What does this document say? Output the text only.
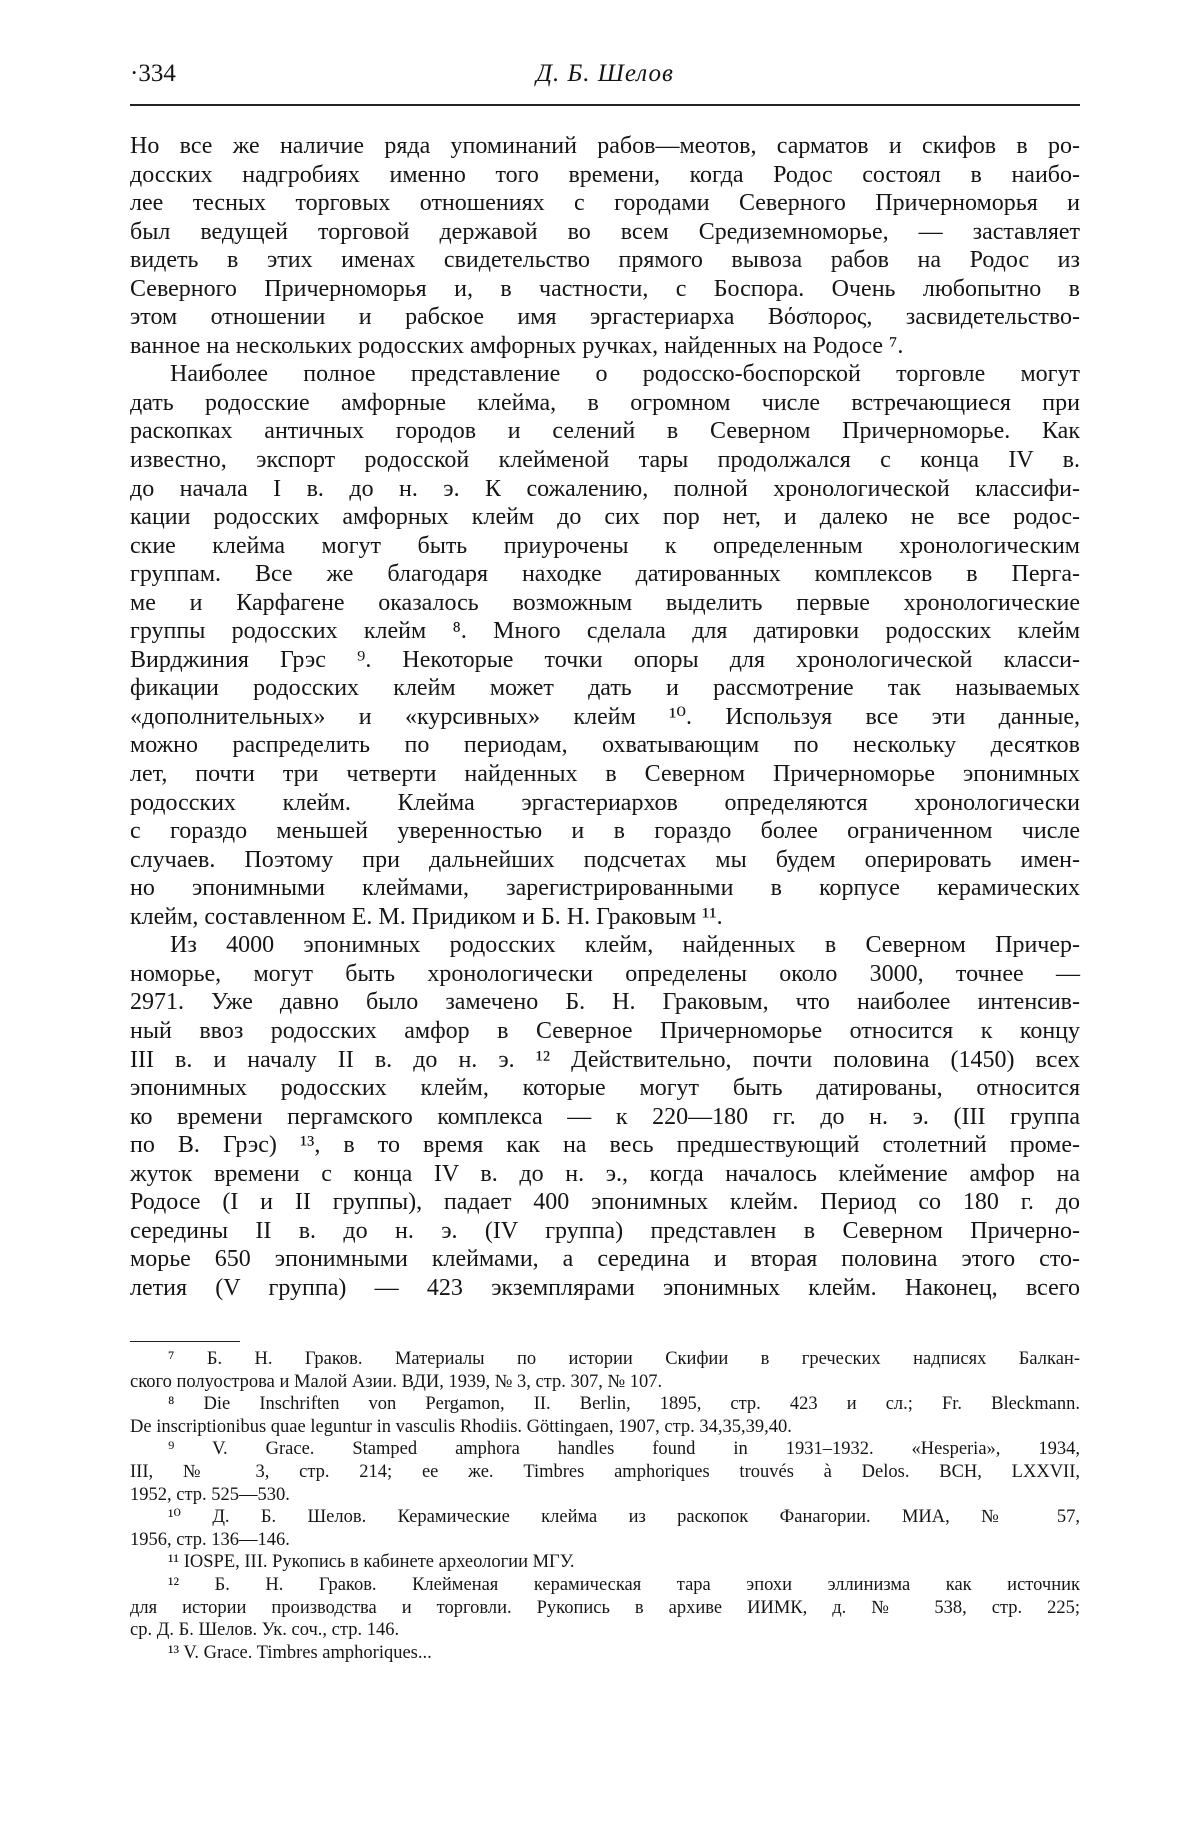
·334	Д. Б. Шелов
Но все же наличие ряда упоминаний рабов—меотов, сарматов и скифов в ро-
досских надгробиях именно того времени, когда Родос состоял в наибо-
лее тесных торговых отношениях с городами Северного Причерноморья и
был ведущей торговой державой во всем Средиземноморье, — заставляет
видеть в этих именах свидетельство прямого вывоза рабов на Родос из
Северного Причерноморья и, в частности, с Боспора. Очень любопытно в
этом отношении и рабское имя эргастериарха Βόσπορος, засвидетельство-
ванное на нескольких родосских амфорных ручках, найденных на Родосе ⁷.
Наиболее полное представление о родосско-боспорской торговле могут
дать родосские амфорные клейма, в огромном числе встречающиеся при
раскопках античных городов и селений в Северном Причерноморье. Как
известно, экспорт родосской клейменой тары продолжался с конца IV в.
до начала I в. до н. э. К сожалению, полной хронологической классифи-
кации родосских амфорных клейм до сих пор нет, и далеко не все родос-
ские клейма могут быть приурочены к определенным хронологическим
группам. Все же благодаря находке датированных комплексов в Перга-
ме и Карфагене оказалось возможным выделить первые хронологические
группы родосских клейм ⁸. Много сделала для датировки родосских клейм
Вирджиния Грэс ⁹. Некоторые точки опоры для хронологической класси-
фикации родосских клейм может дать и рассмотрение так называемых
«дополнительных» и «курсивных» клейм ¹⁰. Используя все эти данные,
можно распределить по периодам, охватывающим по нескольку десятков
лет, почти три четверти найденных в Северном Причерноморье эпонимных
родосских клейм. Клейма эргастериархов определяются хронологически
с гораздо меньшей уверенностью и в гораздо более ограниченном числе
случаев. Поэтому при дальнейших подсчетах мы будем оперировать имен-
но эпонимными клеймами, зарегистрированными в корпусе керамических
клейм, составленном Е. М. Придиком и Б. Н. Граковым ¹¹.
Из 4000 эпонимных родосских клейм, найденных в Северном Причер-
номорье, могут быть хронологически определены около 3000, точнее —
2971. Уже давно было замечено Б. Н. Граковым, что наиболее интенсив-
ный ввоз родосских амфор в Северное Причерноморье относится к концу
III в. и началу II в. до н. э. ¹² Действительно, почти половина (1450) всех
эпонимных родосских клейм, которые могут быть датированы, относится
ко времени пергамского комплекса — к 220—180 гг. до н. э. (III группа
по В. Грэс) ¹³, в то время как на весь предшествующий столетний проме-
жуток времени с конца IV в. до н. э., когда началось клеймение амфор на
Родосе (I и II группы), падает 400 эпонимных клейм. Период со 180 г. до
середины II в. до н. э. (IV группа) представлен в Северном Причерно-
морье 650 эпонимными клеймами, а середина и вторая половина этого сто-
летия (V группа) — 423 экземплярами эпонимных клейм. Наконец, всего
⁷ Б. Н. Граков. Материалы по истории Скифии в греческих надписях Балкан-
ского полуострова и Малой Азии. ВДИ, 1939, № 3, стр. 307, № 107.
⁸ Die Inschriften von Pergamon, II. Berlin, 1895, стр. 423 и сл.; Fr. Bleckmann.
De inscriptionibus quae leguntur in vasculis Rhodiis. Göttingaen, 1907, стр. 34,35,39,40.
⁹ V. Grace. Stamped amphora handles found in 1931–1932. «Hesperia», 1934,
III, № 3, стр. 214; ее же. Timbres amphoriques trouvés à Delos. BCH, LXXVII,
1952, стр. 525—530.
¹⁰ Д. Б. Шелов. Керамические клейма из раскопок Фанагории. МИА, № 57,
1956, стр. 136—146.
¹¹ IOSPE, III. Рукопись в кабинете археологии МГУ.
¹² Б. Н. Граков. Клейменая керамическая тара эпохи эллинизма как источник
для истории производства и торговли. Рукопись в архиве ИИМК, д. № 538, стр. 225;
ср. Д. Б. Шелов. Ук. соч., стр. 146.
¹³ V. Grace. Timbres amphoriques...
